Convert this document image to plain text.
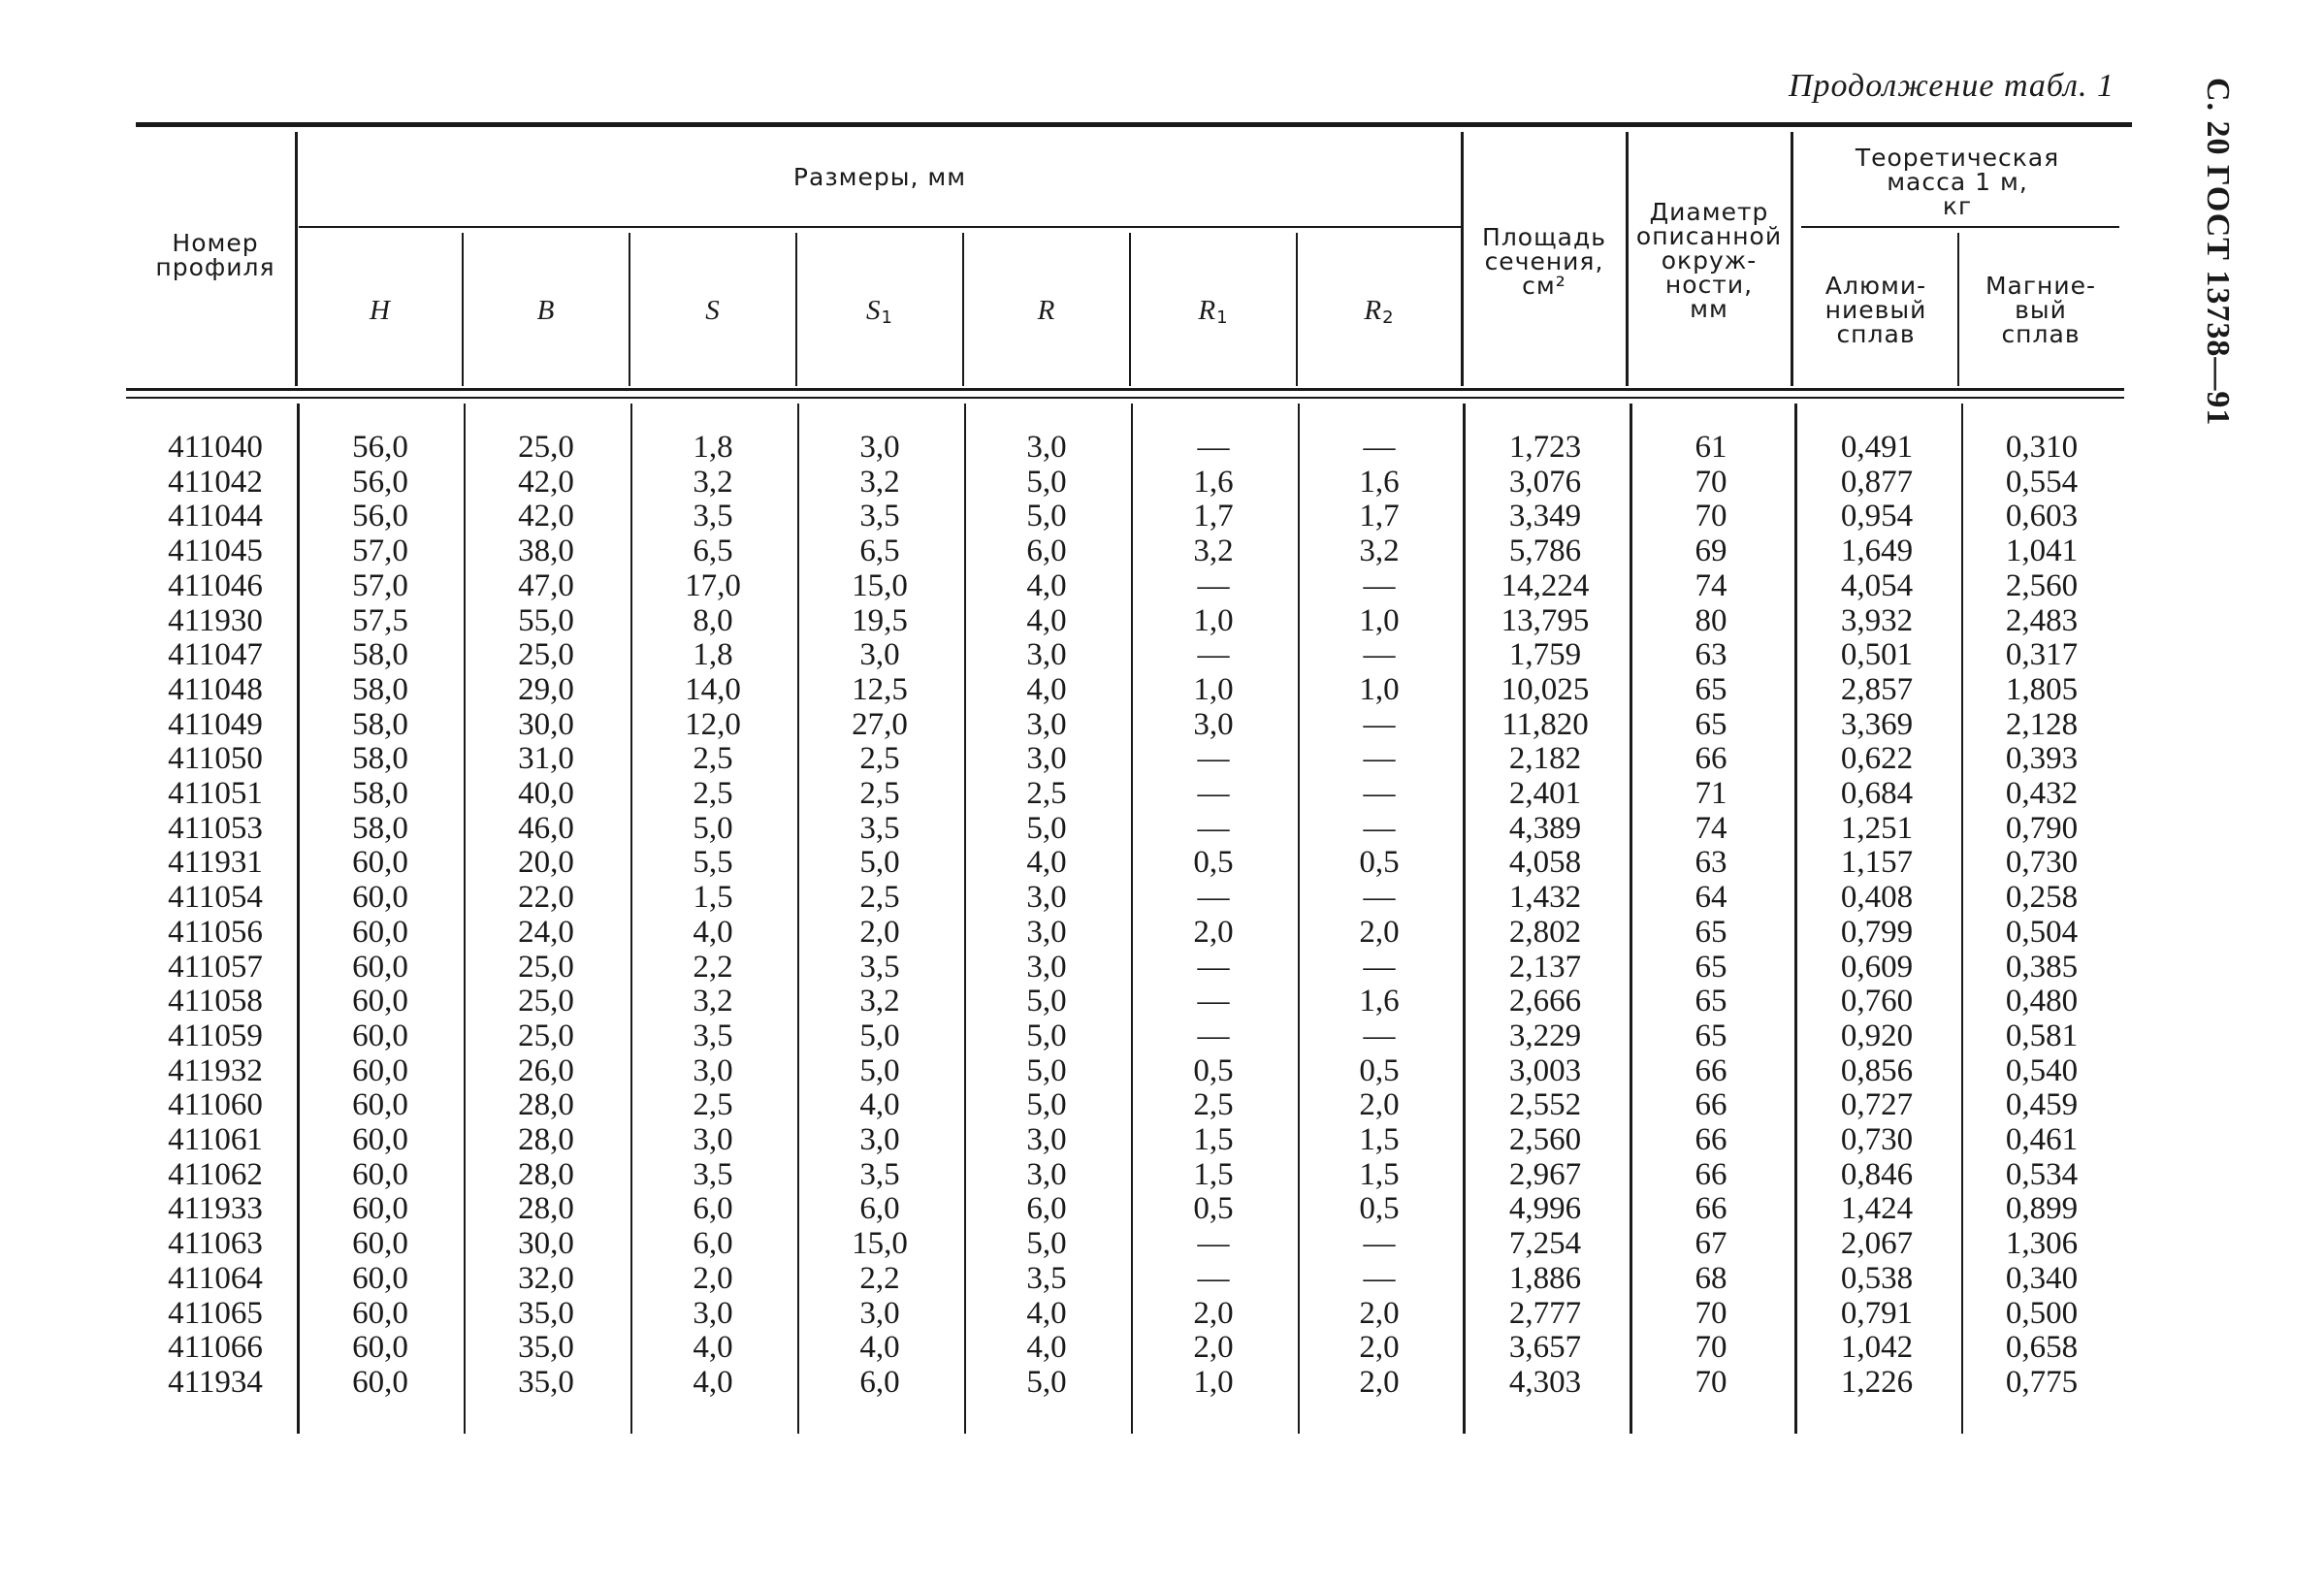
Продолжение табл. 1	С. 20 ГОСТ 13738—91
Номер
профиля
Размеры, мм
H	B	S	$S_1$	R	$R_1$	$R_2$
Площадь
сечения,
см²
Диаметр
описанной
окруж-
ности,
мм
Теоретическая
масса 1 м,
кг
Алюми-
ниевый
сплав
Магние-
вый
сплав
411040	56,0	25,0	1,8	3,0	3,0	—	—	1,723	61	0,491	0,310
411042	56,0	42,0	3,2	3,2	5,0	1,6	1,6	3,076	70	0,877	0,554
411044	56,0	42,0	3,5	3,5	5,0	1,7	1,7	3,349	70	0,954	0,603
411045	57,0	38,0	6,5	6,5	6,0	3,2	3,2	5,786	69	1,649	1,041
411046	57,0	47,0	17,0	15,0	4,0	—	—	14,224	74	4,054	2,560
411930	57,5	55,0	8,0	19,5	4,0	1,0	1,0	13,795	80	3,932	2,483
411047	58,0	25,0	1,8	3,0	3,0	—	—	1,759	63	0,501	0,317
411048	58,0	29,0	14,0	12,5	4,0	1,0	1,0	10,025	65	2,857	1,805
411049	58,0	30,0	12,0	27,0	3,0	3,0	—	11,820	65	3,369	2,128
411050	58,0	31,0	2,5	2,5	3,0	—	—	2,182	66	0,622	0,393
411051	58,0	40,0	2,5	2,5	2,5	—	—	2,401	71	0,684	0,432
411053	58,0	46,0	5,0	3,5	5,0	—	—	4,389	74	1,251	0,790
411931	60,0	20,0	5,5	5,0	4,0	0,5	0,5	4,058	63	1,157	0,730
411054	60,0	22,0	1,5	2,5	3,0	—	—	1,432	64	0,408	0,258
411056	60,0	24,0	4,0	2,0	3,0	2,0	2,0	2,802	65	0,799	0,504
411057	60,0	25,0	2,2	3,5	3,0	—	—	2,137	65	0,609	0,385
411058	60,0	25,0	3,2	3,2	5,0	—	1,6	2,666	65	0,760	0,480
411059	60,0	25,0	3,5	5,0	5,0	—	—	3,229	65	0,920	0,581
411932	60,0	26,0	3,0	5,0	5,0	0,5	0,5	3,003	66	0,856	0,540
411060	60,0	28,0	2,5	4,0	5,0	2,5	2,0	2,552	66	0,727	0,459
411061	60,0	28,0	3,0	3,0	3,0	1,5	1,5	2,560	66	0,730	0,461
411062	60,0	28,0	3,5	3,5	3,0	1,5	1,5	2,967	66	0,846	0,534
411933	60,0	28,0	6,0	6,0	6,0	0,5	0,5	4,996	66	1,424	0,899
411063	60,0	30,0	6,0	15,0	5,0	—	—	7,254	67	2,067	1,306
411064	60,0	32,0	2,0	2,2	3,5	—	—	1,886	68	0,538	0,340
411065	60,0	35,0	3,0	3,0	4,0	2,0	2,0	2,777	70	0,791	0,500
411066	60,0	35,0	4,0	4,0	4,0	2,0	2,0	3,657	70	1,042	0,658
411934	60,0	35,0	4,0	6,0	5,0	1,0	2,0	4,303	70	1,226	0,775
